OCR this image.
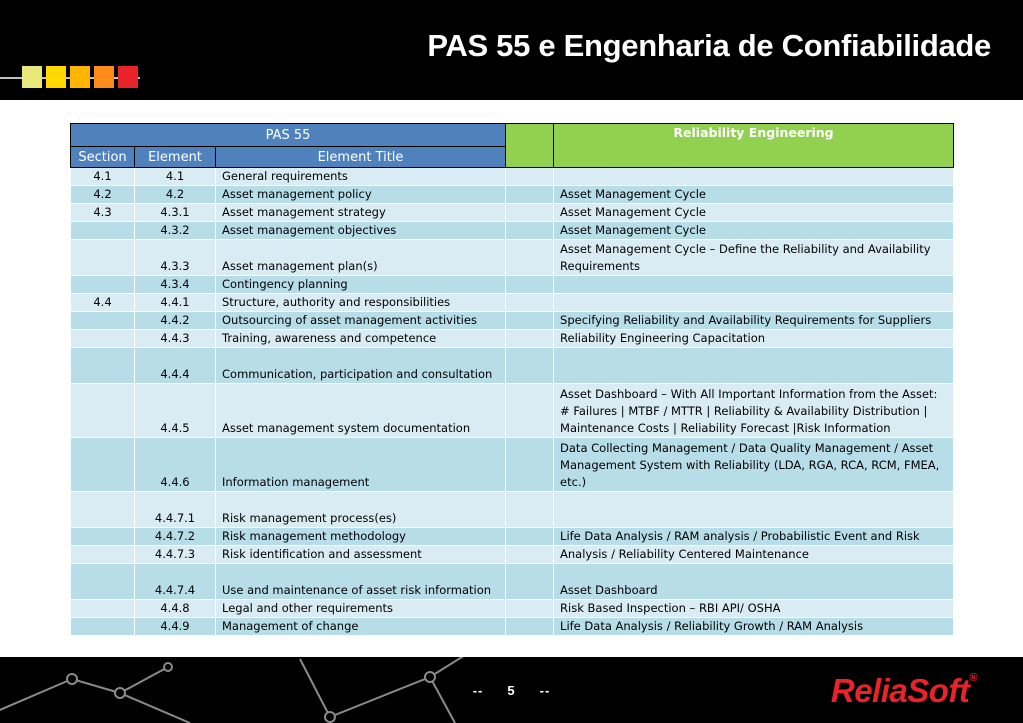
PAS 55 e Engenharia de Confiabilidade
PAS 55				Reliability Engineering
Section	Element	Element Title		
4.1	4.1	General requirements		
4.2	4.2	Asset management policy		Asset Management Cycle
4.3	4.3.1	Asset management strategy		Asset Management Cycle
	4.3.2	Asset management objectives		Asset Management Cycle
	4.3.3	Asset management plan(s)		Asset Management Cycle – Define the Reliability and Availability Requirements
	4.3.4	Contingency planning		
4.4	4.4.1	Structure, authority and responsibilities		
	4.4.2	Outsourcing of asset management activities		Specifying Reliability and Availability Requirements for Suppliers
	4.4.3	Training, awareness and competence		Reliability Engineering Capacitation
	4.4.4	Communication, participation and consultation		
	4.4.5	Asset management system documentation		Asset Dashboard – With All Important Information from the Asset: # Failures | MTBF / MTTR | Reliability & Availability Distribution | Maintenance Costs | Reliability Forecast |Risk Information
	4.4.6	Information management		Data Collecting Management / Data Quality Management / Asset Management System with Reliability (LDA, RGA, RCA, RCM, FMEA, etc.)
	4.4.7.1	Risk management process(es)		
	4.4.7.2	Risk management methodology		Life Data Analysis / RAM analysis / Probabilistic Event and Risk
	4.4.7.3	Risk identification and assessment		Analysis / Reliability Centered Maintenance
	4.4.7.4	Use and maintenance of asset risk information		Asset Dashboard
	4.4.8	Legal and other requirements		Risk Based Inspection – RBI API/ OSHA
	4.4.9	Management of change		Life Data Analysis / Reliability Growth / RAM Analysis
-- 5 --	ReliaSoft®
